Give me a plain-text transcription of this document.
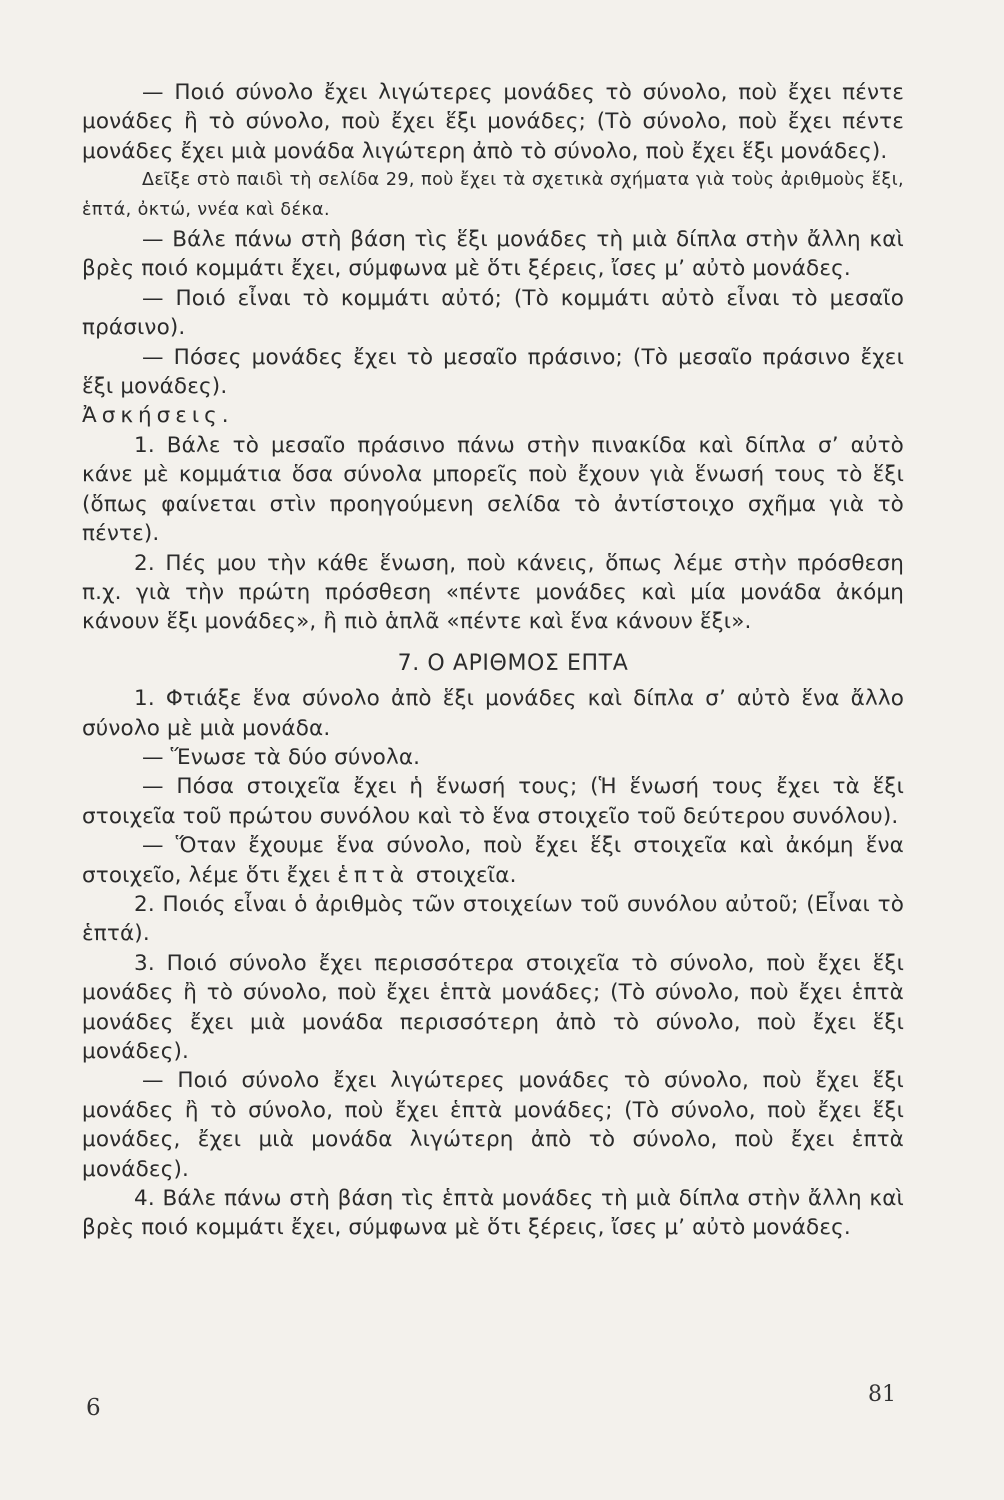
— Ποιό σύνολο ἔχει λιγώτερες μονάδες τὸ σύνολο, ποὺ ἔχει πέντε μονάδες ἢ τὸ σύνολο, ποὺ ἔχει ἕξι μονάδες; (Τὸ σύνολο, ποὺ ἔχει πέντε μονάδες ἔχει μιὰ μονάδα λιγώτερη ἀπὸ τὸ σύνολο, ποὺ ἔχει ἕξι μονάδες).

Δεῖξε στὸ παιδὶ τὴ σελίδα 29, ποὺ ἔχει τὰ σχετικὰ σχήματα γιὰ τοὺς ἀριθμοὺς ἕξι, ἑπτά, ὀκτώ, ννέα καὶ δέκα.

— Βάλε πάνω στὴ βάση τὶς ἕξι μονάδες τὴ μιὰ δίπλα στὴν ἄλλη καὶ βρὲς ποιό κομμάτι ἔχει, σύμφωνα μὲ ὅτι ξέρεις, ἴσες μ’ αὐτὸ μονάδες.

— Ποιό εἶναι τὸ κομμάτι αὐτό; (Τὸ κομμάτι αὐτὸ εἶναι τὸ μεσαῖο πράσινο).

— Πόσες μονάδες ἔχει τὸ μεσαῖο πράσινο; (Τὸ μεσαῖο πράσινο ἔχει ἕξι μονάδες).

Ἀσκήσεις.

1. Βάλε τὸ μεσαῖο πράσινο πάνω στὴν πινακίδα καὶ δίπλα σ’ αὐτὸ κάνε μὲ κομμάτια ὅσα σύνολα μπορεῖς ποὺ ἔχουν γιὰ ἕνωσή τους τὸ ἕξι (ὅπως φαίνεται στὶν προηγούμενη σελίδα τὸ ἀντίστοιχο σχῆμα γιὰ τὸ πέντε).

2. Πές μου τὴν κάθε ἕνωση, ποὺ κάνεις, ὅπως λέμε στὴν πρόσθεση π.χ. γιὰ τὴν πρώτη πρόσθεση «πέντε μονάδες καὶ μία μονάδα ἀκόμη κάνουν ἕξι μονάδες», ἢ πιὸ ἁπλᾶ «πέντε καὶ ἕνα κάνουν ἕξι».

7. Ο ΑΡΙΘΜΟΣ ΕΠΤΑ

1. Φτιάξε ἕνα σύνολο ἀπὸ ἕξι μονάδες καὶ δίπλα σ’ αὐτὸ ἕνα ἄλλο σύνολο μὲ μιὰ μονάδα.

— Ἕνωσε τὰ δύο σύνολα.

— Πόσα στοιχεῖα ἔχει ἡ ἕνωσή τους; (Ἡ ἕνωσή τους ἔχει τὰ ἕξι στοιχεῖα τοῦ πρώτου συνόλου καὶ τὸ ἕνα στοιχεῖο τοῦ δεύτερου συνόλου).

— Ὅταν ἔχουμε ἕνα σύνολο, ποὺ ἔχει ἕξι στοιχεῖα καὶ ἀκόμη ἕνα στοιχεῖο, λέμε ὅτι ἔχει ἑπτὰ στοιχεῖα.

2. Ποιός εἶναι ὁ ἀριθμὸς τῶν στοιχείων τοῦ συνόλου αὐτοῦ; (Εἶναι τὸ ἑπτά).

3. Ποιό σύνολο ἔχει περισσότερα στοιχεῖα τὸ σύνολο, ποὺ ἔχει ἕξι μονάδες ἢ τὸ σύνολο, ποὺ ἔχει ἑπτὰ μονάδες; (Τὸ σύνολο, ποὺ ἔχει ἑπτὰ μονάδες ἔχει μιὰ μονάδα περισσότερη ἀπὸ τὸ σύνολο, ποὺ ἔχει ἕξι μονάδες).

— Ποιό σύνολο ἔχει λιγώτερες μονάδες τὸ σύνολο, ποὺ ἔχει ἕξι μονάδες ἢ τὸ σύνολο, ποὺ ἔχει ἑπτὰ μονάδες; (Τὸ σύνολο, ποὺ ἔχει ἕξι μονάδες, ἔχει μιὰ μονάδα λιγώτερη ἀπὸ τὸ σύνολο, ποὺ ἔχει ἑπτὰ μονάδες).

4. Βάλε πάνω στὴ βάση τὶς ἑπτὰ μονάδες τὴ μιὰ δίπλα στὴν ἄλλη καὶ βρὲς ποιό κομμάτι ἔχει, σύμφωνα μὲ ὅτι ξέρεις, ἴσες μ’ αὐτὸ μονάδες.

6
81
